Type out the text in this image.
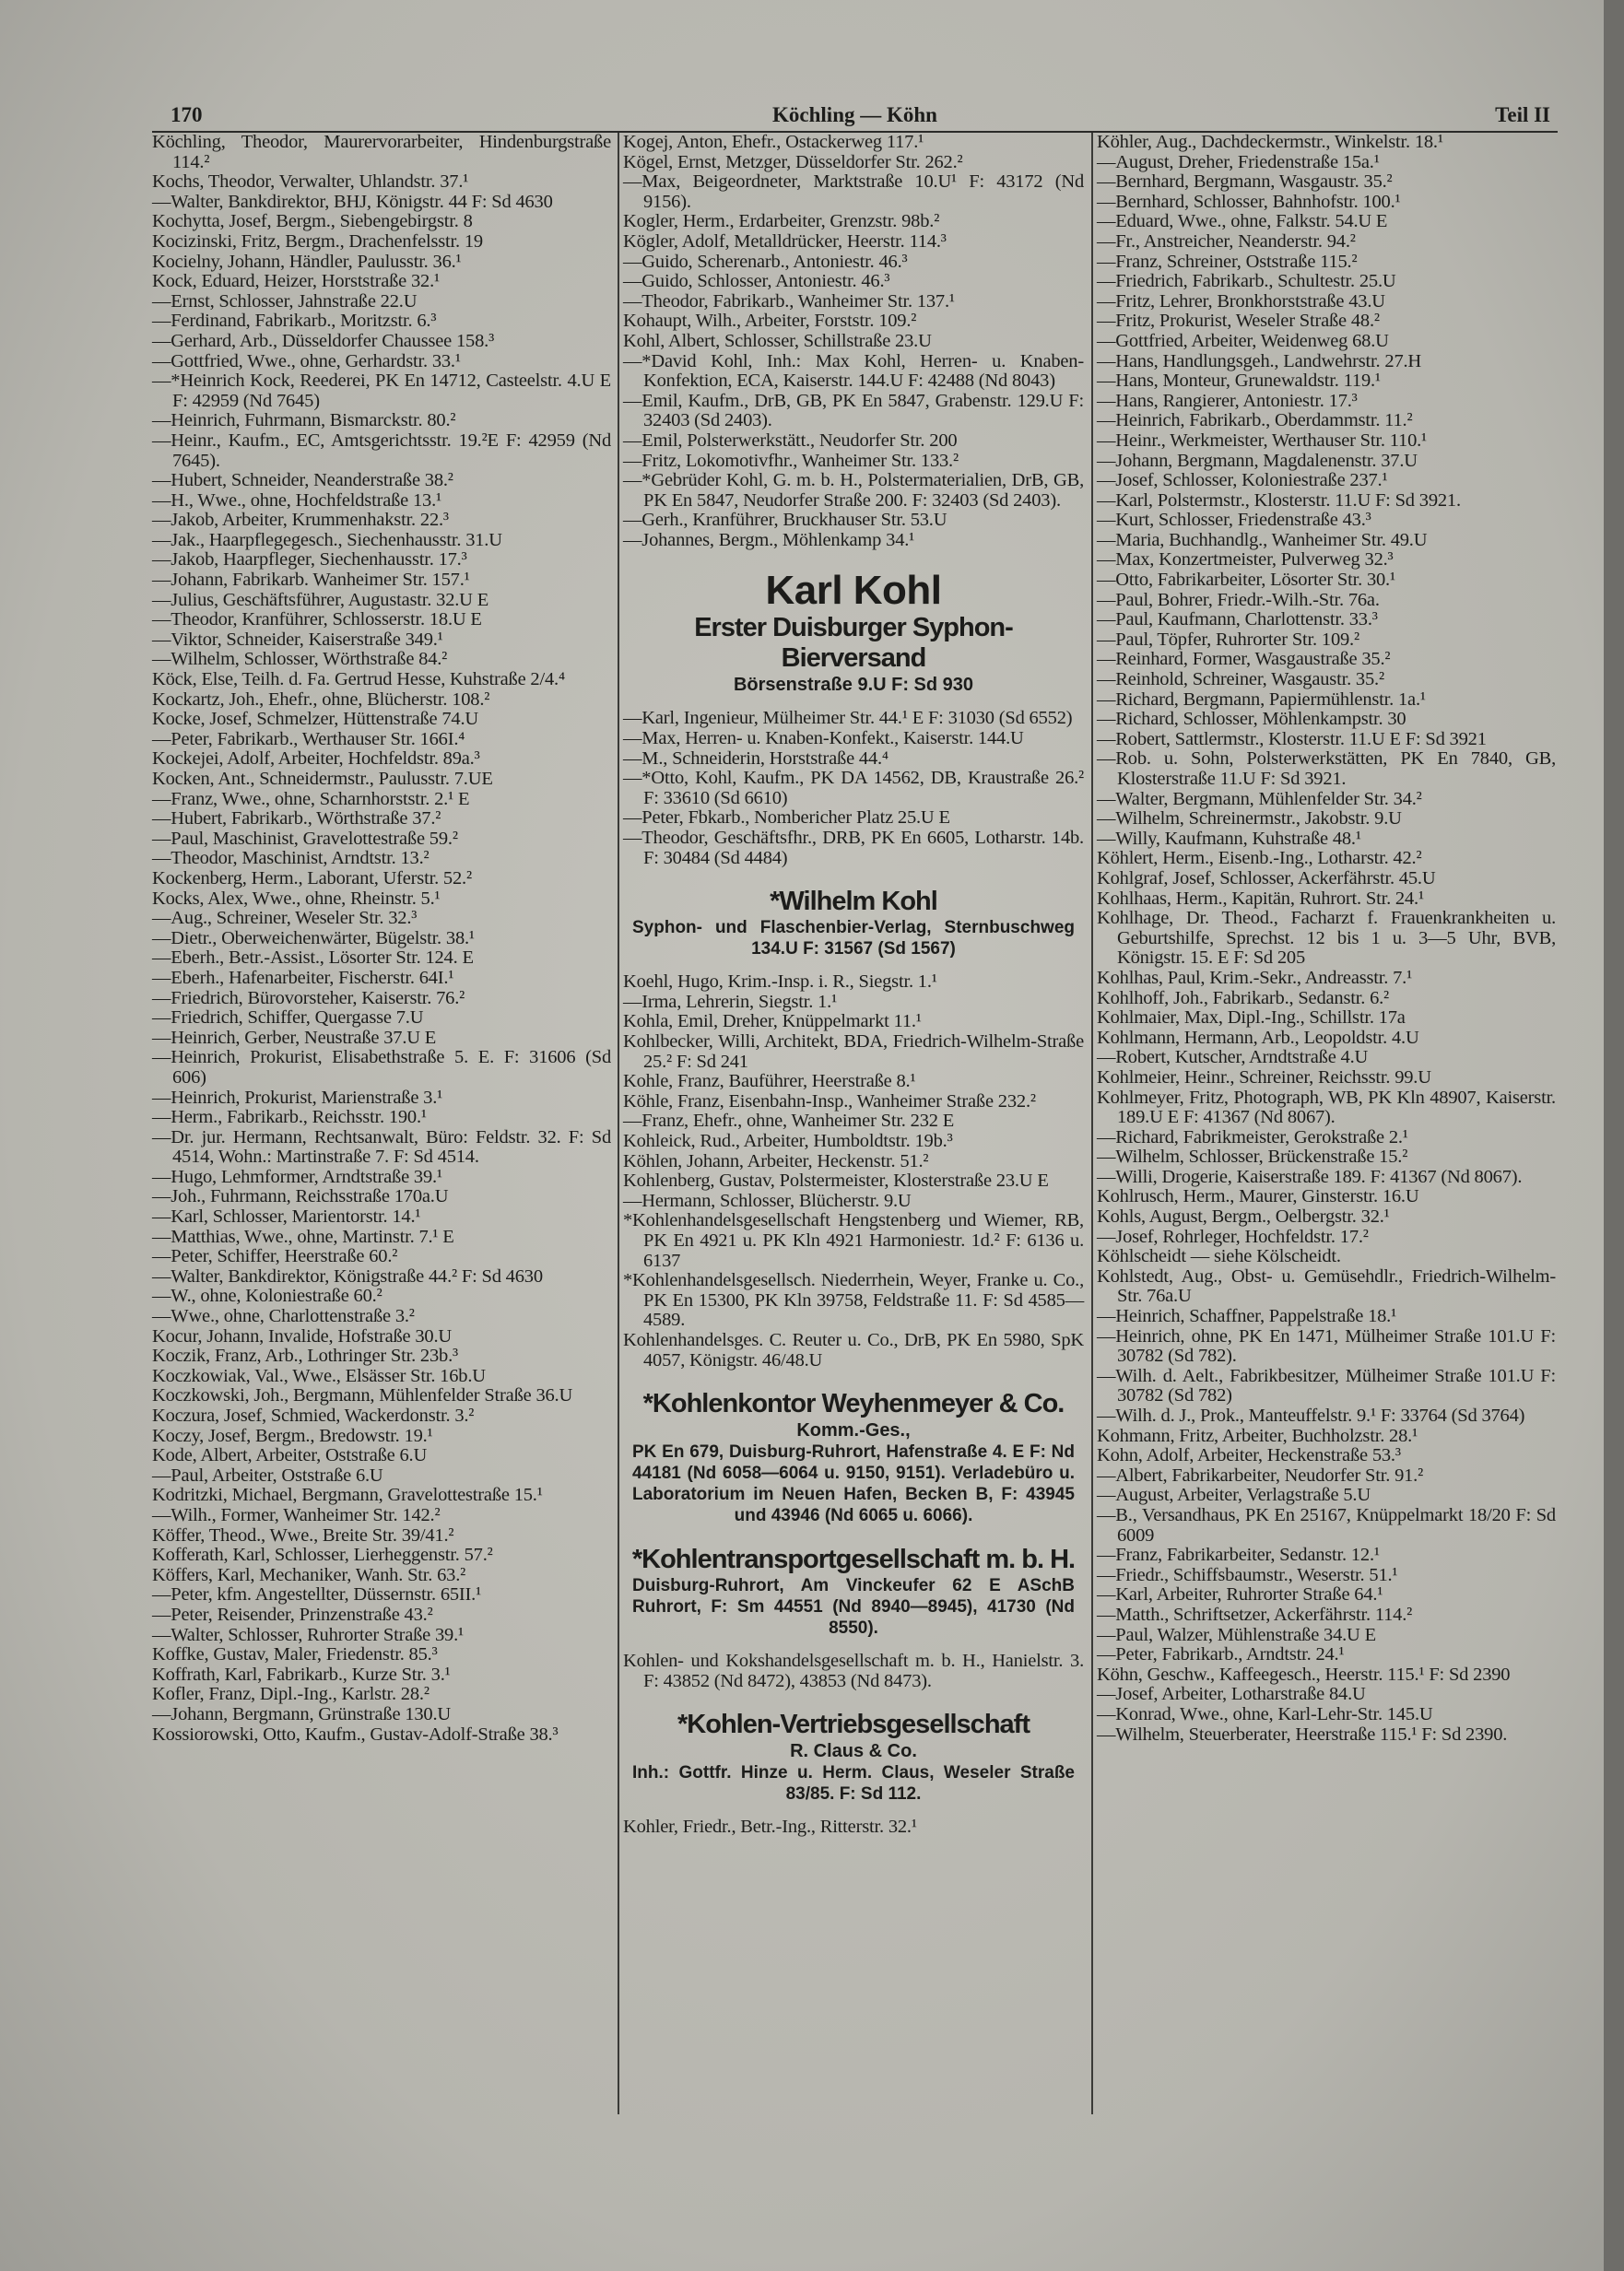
170	Köchling — Köhn	Teil II
Köchling, Theodor, Maurervorarbeiter, Hindenburgstraße 114.²
Kochs, Theodor, Verwalter, Uhlandstr. 37.¹
—Walter, Bankdirektor, BHJ, Königstr. 44 F: Sd 4630
Kochytta, Josef, Bergm., Siebengebirgstr. 8
Kocizinski, Fritz, Bergm., Drachenfelsstr. 19
Kocielny, Johann, Händler, Paulusstr. 36.¹
Kock, Eduard, Heizer, Horststraße 32.¹
—Ernst, Schlosser, Jahnstraße 22.U
—Ferdinand, Fabrikarb., Moritzstr. 6.³
—Gerhard, Arb., Düsseldorfer Chaussee 158.³
—Gottfried, Wwe., ohne, Gerhardstr. 33.¹
—*Heinrich Kock, Reederei, PK En 14712, Casteelstr. 4.U E F: 42959 (Nd 7645)
—Heinrich, Fuhrmann, Bismarckstr. 80.²
—Heinr., Kaufm., EC, Amtsgerichtsstr. 19.²E F: 42959 (Nd 7645).
—Hubert, Schneider, Neanderstraße 38.²
—H., Wwe., ohne, Hochfeldstraße 13.¹
—Jakob, Arbeiter, Krummenhakstr. 22.³
—Jak., Haarpflegegesch., Siechenhausstr. 31.U
—Jakob, Haarpfleger, Siechenhausstr. 17.³
—Johann, Fabrikarb. Wanheimer Str. 157.¹
—Julius, Geschäftsführer, Augustastr. 32.U E
—Theodor, Kranführer, Schlosserstr. 18.U E
—Viktor, Schneider, Kaiserstraße 349.¹
—Wilhelm, Schlosser, Wörthstraße 84.²
Köck, Else, Teilh. d. Fa. Gertrud Hesse, Kuhstraße 2/4.⁴
Kockartz, Joh., Ehefr., ohne, Blücherstr. 108.²
Kocke, Josef, Schmelzer, Hüttenstraße 74.U
—Peter, Fabrikarb., Werthauser Str. 166I.⁴
Kockejei, Adolf, Arbeiter, Hochfeldstr. 89a.³
Kocken, Ant., Schneidermstr., Paulusstr. 7.UE
—Franz, Wwe., ohne, Scharnhorststr. 2.¹ E
—Hubert, Fabrikarb., Wörthstraße 37.²
—Paul, Maschinist, Gravelottestraße 59.²
—Theodor, Maschinist, Arndtstr. 13.²
Kockenberg, Herm., Laborant, Uferstr. 52.²
Kocks, Alex, Wwe., ohne, Rheinstr. 5.¹
—Aug., Schreiner, Weseler Str. 32.³
—Dietr., Oberweichenwärter, Bügelstr. 38.¹
—Eberh., Betr.-Assist., Lösorter Str. 124. E
—Eberh., Hafenarbeiter, Fischerstr. 64I.¹
—Friedrich, Bürovorsteher, Kaiserstr. 76.²
—Friedrich, Schiffer, Quergasse 7.U
—Heinrich, Gerber, Neustraße 37.U E
—Heinrich, Prokurist, Elisabethstraße 5. E. F: 31606 (Sd 606)
—Heinrich, Prokurist, Marienstraße 3.¹
—Herm., Fabrikarb., Reichsstr. 190.¹
—Dr. jur. Hermann, Rechtsanwalt, Büro: Feldstr. 32. F: Sd 4514, Wohn.: Martinstraße 7. F: Sd 4514.
—Hugo, Lehmformer, Arndtstraße 39.¹
—Joh., Fuhrmann, Reichsstraße 170a.U
—Karl, Schlosser, Marientorstr. 14.¹
—Matthias, Wwe., ohne, Martinstr. 7.¹ E
—Peter, Schiffer, Heerstraße 60.²
—Walter, Bankdirektor, Königstraße 44.² F: Sd 4630
—W., ohne, Koloniestraße 60.²
—Wwe., ohne, Charlottenstraße 3.²
Kocur, Johann, Invalide, Hofstraße 30.U
Koczik, Franz, Arb., Lothringer Str. 23b.³
Koczkowiak, Val., Wwe., Elsässer Str. 16b.U
Koczkowski, Joh., Bergmann, Mühlenfelder Straße 36.U
Koczura, Josef, Schmied, Wackerdonstr. 3.²
Koczy, Josef, Bergm., Bredowstr. 19.¹
Kode, Albert, Arbeiter, Oststraße 6.U
—Paul, Arbeiter, Oststraße 6.U
Kodritzki, Michael, Bergmann, Gravelottestraße 15.¹
—Wilh., Former, Wanheimer Str. 142.²
Köffer, Theod., Wwe., Breite Str. 39/41.²
Kofferath, Karl, Schlosser, Lierheggenstr. 57.²
Köffers, Karl, Mechaniker, Wanh. Str. 63.²
—Peter, kfm. Angestellter, Düssernstr. 65II.¹
—Peter, Reisender, Prinzenstraße 43.²
—Walter, Schlosser, Ruhrorter Straße 39.¹
Koffke, Gustav, Maler, Friedenstr. 85.³
Koffrath, Karl, Fabrikarb., Kurze Str. 3.¹
Kofler, Franz, Dipl.-Ing., Karlstr. 28.²
—Johann, Bergmann, Grünstraße 130.U
Kossiorowski, Otto, Kaufm., Gustav-Adolf-Straße 38.³
Kogej, Anton, Ehefr., Ostackerweg 117.¹
Kögel, Ernst, Metzger, Düsseldorfer Str. 262.²
—Max, Beigeordneter, Marktstraße 10.U¹ F: 43172 (Nd 9156).
Kogler, Herm., Erdarbeiter, Grenzstr. 98b.²
Kögler, Adolf, Metalldrücker, Heerstr. 114.³
—Guido, Scherenarb., Antoniestr. 46.³
—Guido, Schlosser, Antoniestr. 46.³
—Theodor, Fabrikarb., Wanheimer Str. 137.¹
Kohaupt, Wilh., Arbeiter, Forststr. 109.²
Kohl, Albert, Schlosser, Schillstraße 23.U
—*David Kohl, Inh.: Max Kohl, Herren- u. Knaben-Konfektion, ECA, Kaiserstr. 144.U F: 42488 (Nd 8043)
—Emil, Kaufm., DrB, GB, PK En 5847, Grabenstr. 129.U F: 32403 (Sd 2403).
—Emil, Polsterwerkstätt., Neudorfer Str. 200
—Fritz, Lokomotivfhr., Wanheimer Str. 133.²
—*Gebrüder Kohl, G. m. b. H., Polstermaterialien, DrB, GB, PK En 5847, Neudorfer Straße 200. F: 32403 (Sd 2403).
—Gerh., Kranführer, Bruckhauser Str. 53.U
—Johannes, Bergm., Möhlenkamp 34.¹
Karl Kohl
Erster Duisburger Syphon-Bierversand
Börsenstraße 9.U F: Sd 930
—Karl, Ingenieur, Mülheimer Str. 44.¹ E F: 31030 (Sd 6552)
—Max, Herren- u. Knaben-Konfekt., Kaiserstr. 144.U
—M., Schneiderin, Horststraße 44.⁴
—*Otto, Kohl, Kaufm., PK DA 14562, DB, Kraustraße 26.² F: 33610 (Sd 6610)
—Peter, Fbkarb., Nombericher Platz 25.U E
—Theodor, Geschäftsfhr., DRB, PK En 6605, Lotharstr. 14b. F: 30484 (Sd 4484)
*Wilhelm Kohl
Syphon- und Flaschenbier-Verlag, Sternbuschweg 134.U F: 31567 (Sd 1567)
Koehl, Hugo, Krim.-Insp. i. R., Siegstr. 1.¹
—Irma, Lehrerin, Siegstr. 1.¹
Kohla, Emil, Dreher, Knüppelmarkt 11.¹
Kohlbecker, Willi, Architekt, BDA, Friedrich-Wilhelm-Straße 25.² F: Sd 241
Kohle, Franz, Bauführer, Heerstraße 8.¹
Köhle, Franz, Eisenbahn-Insp., Wanheimer Straße 232.²
—Franz, Ehefr., ohne, Wanheimer Str. 232 E
Kohleick, Rud., Arbeiter, Humboldtstr. 19b.³
Köhlen, Johann, Arbeiter, Heckenstr. 51.²
Kohlenberg, Gustav, Polstermeister, Klosterstraße 23.U E
—Hermann, Schlosser, Blücherstr. 9.U
*Kohlenhandelsgesellschaft Hengstenberg und Wiemer, RB, PK En 4921 u. PK Kln 4921 Harmoniestr. 1d.² F: 6136 u. 6137
*Kohlenhandelsgesellsch. Niederrhein, Weyer, Franke u. Co., PK En 15300, PK Kln 39758, Feldstraße 11. F: Sd 4585—4589.
Kohlenhandelsges. C. Reuter u. Co., DrB, PK En 5980, SpK 4057, Königstr. 46/48.U
*Kohlenkontor Weyhenmeyer & Co.
Komm.-Ges.,
PK En 679, Duisburg-Ruhrort, Hafenstraße 4. E F: Nd 44181 (Nd 6058—6064 u. 9150, 9151). Verladebüro u. Laboratorium im Neuen Hafen, Becken B, F: 43945 und 43946 (Nd 6065 u. 6066).
*Kohlentransportgesellschaft m. b. H.
Duisburg-Ruhrort, Am Vinckeufer 62 E ASchB Ruhrort, F: Sm 44551 (Nd 8940—8945), 41730 (Nd 8550).
Kohlen- und Kokshandelsgesellschaft m. b. H., Hanielstr. 3. F: 43852 (Nd 8472), 43853 (Nd 8473).
*Kohlen-Vertriebsgesellschaft
R. Claus & Co.
Inh.: Gottfr. Hinze u. Herm. Claus, Weseler Straße 83/85. F: Sd 112.
Kohler, Friedr., Betr.-Ing., Ritterstr. 32.¹
Köhler, Aug., Dachdeckermstr., Winkelstr. 18.¹
—August, Dreher, Friedenstraße 15a.¹
—Bernhard, Bergmann, Wasgaustr. 35.²
—Bernhard, Schlosser, Bahnhofstr. 100.¹
—Eduard, Wwe., ohne, Falkstr. 54.U E
—Fr., Anstreicher, Neanderstr. 94.²
—Franz, Schreiner, Oststraße 115.²
—Friedrich, Fabrikarb., Schultestr. 25.U
—Fritz, Lehrer, Bronkhorststraße 43.U
—Fritz, Prokurist, Weseler Straße 48.²
—Gottfried, Arbeiter, Weidenweg 68.U
—Hans, Handlungsgeh., Landwehrstr. 27.H
—Hans, Monteur, Grunewaldstr. 119.¹
—Hans, Rangierer, Antoniestr. 17.³
—Heinrich, Fabrikarb., Oberdammstr. 11.²
—Heinr., Werkmeister, Werthauser Str. 110.¹
—Johann, Bergmann, Magdalenenstr. 37.U
—Josef, Schlosser, Koloniestraße 237.¹
—Karl, Polstermstr., Klosterstr. 11.U F: Sd 3921.
—Kurt, Schlosser, Friedenstraße 43.³
—Maria, Buchhandlg., Wanheimer Str. 49.U
—Max, Konzertmeister, Pulverweg 32.³
—Otto, Fabrikarbeiter, Lösorter Str. 30.¹
—Paul, Bohrer, Friedr.-Wilh.-Str. 76a.
—Paul, Kaufmann, Charlottenstr. 33.³
—Paul, Töpfer, Ruhrorter Str. 109.²
—Reinhard, Former, Wasgaustraße 35.²
—Reinhold, Schreiner, Wasgaustr. 35.²
—Richard, Bergmann, Papiermühlenstr. 1a.¹
—Richard, Schlosser, Möhlenkampstr. 30
—Robert, Sattlermstr., Klosterstr. 11.U E F: Sd 3921
—Rob. u. Sohn, Polsterwerkstätten, PK En 7840, GB, Klosterstraße 11.U F: Sd 3921.
—Walter, Bergmann, Mühlenfelder Str. 34.²
—Wilhelm, Schreinermstr., Jakobstr. 9.U
—Willy, Kaufmann, Kuhstraße 48.¹
Köhlert, Herm., Eisenb.-Ing., Lotharstr. 42.²
Kohlgraf, Josef, Schlosser, Ackerfährstr. 45.U
Kohlhaas, Herm., Kapitän, Ruhrort. Str. 24.¹
Kohlhage, Dr. Theod., Facharzt f. Frauenkrankheiten u. Geburtshilfe, Sprechst. 12 bis 1 u. 3—5 Uhr, BVB, Königstr. 15. E F: Sd 205
Kohlhas, Paul, Krim.-Sekr., Andreasstr. 7.¹
Kohlhoff, Joh., Fabrikarb., Sedanstr. 6.²
Kohlmaier, Max, Dipl.-Ing., Schillstr. 17a
Kohlmann, Hermann, Arb., Leopoldstr. 4.U
—Robert, Kutscher, Arndtstraße 4.U
Kohlmeier, Heinr., Schreiner, Reichsstr. 99.U
Kohlmeyer, Fritz, Photograph, WB, PK Kln 48907, Kaiserstr. 189.U E F: 41367 (Nd 8067).
—Richard, Fabrikmeister, Gerokstraße 2.¹
—Wilhelm, Schlosser, Brückenstraße 15.²
—Willi, Drogerie, Kaiserstraße 189. F: 41367 (Nd 8067).
Kohlrusch, Herm., Maurer, Ginsterstr. 16.U
Kohls, August, Bergm., Oelbergstr. 32.¹
—Josef, Rohrleger, Hochfeldstr. 17.²
Köhlscheidt — siehe Kölscheidt.
Kohlstedt, Aug., Obst- u. Gemüsehdlr., Friedrich-Wilhelm-Str. 76a.U
—Heinrich, Schaffner, Pappelstraße 18.¹
—Heinrich, ohne, PK En 1471, Mülheimer Straße 101.U F: 30782 (Sd 782).
—Wilh. d. Aelt., Fabrikbesitzer, Mülheimer Straße 101.U F: 30782 (Sd 782)
—Wilh. d. J., Prok., Manteuffelstr. 9.¹ F: 33764 (Sd 3764)
Kohmann, Fritz, Arbeiter, Buchholzstr. 28.¹
Kohn, Adolf, Arbeiter, Heckenstraße 53.³
—Albert, Fabrikarbeiter, Neudorfer Str. 91.²
—August, Arbeiter, Verlagstraße 5.U
—B., Versandhaus, PK En 25167, Knüppelmarkt 18/20 F: Sd 6009
—Franz, Fabrikarbeiter, Sedanstr. 12.¹
—Friedr., Schiffsbaumstr., Weserstr. 51.¹
—Karl, Arbeiter, Ruhrorter Straße 64.¹
—Matth., Schriftsetzer, Ackerfährstr. 114.²
—Paul, Walzer, Mühlenstraße 34.U E
—Peter, Fabrikarb., Arndtstr. 24.¹
Köhn, Geschw., Kaffeegesch., Heerstr. 115.¹ F: Sd 2390
—Josef, Arbeiter, Lotharstraße 84.U
—Konrad, Wwe., ohne, Karl-Lehr-Str. 145.U
—Wilhelm, Steuerberater, Heerstraße 115.¹ F: Sd 2390.
